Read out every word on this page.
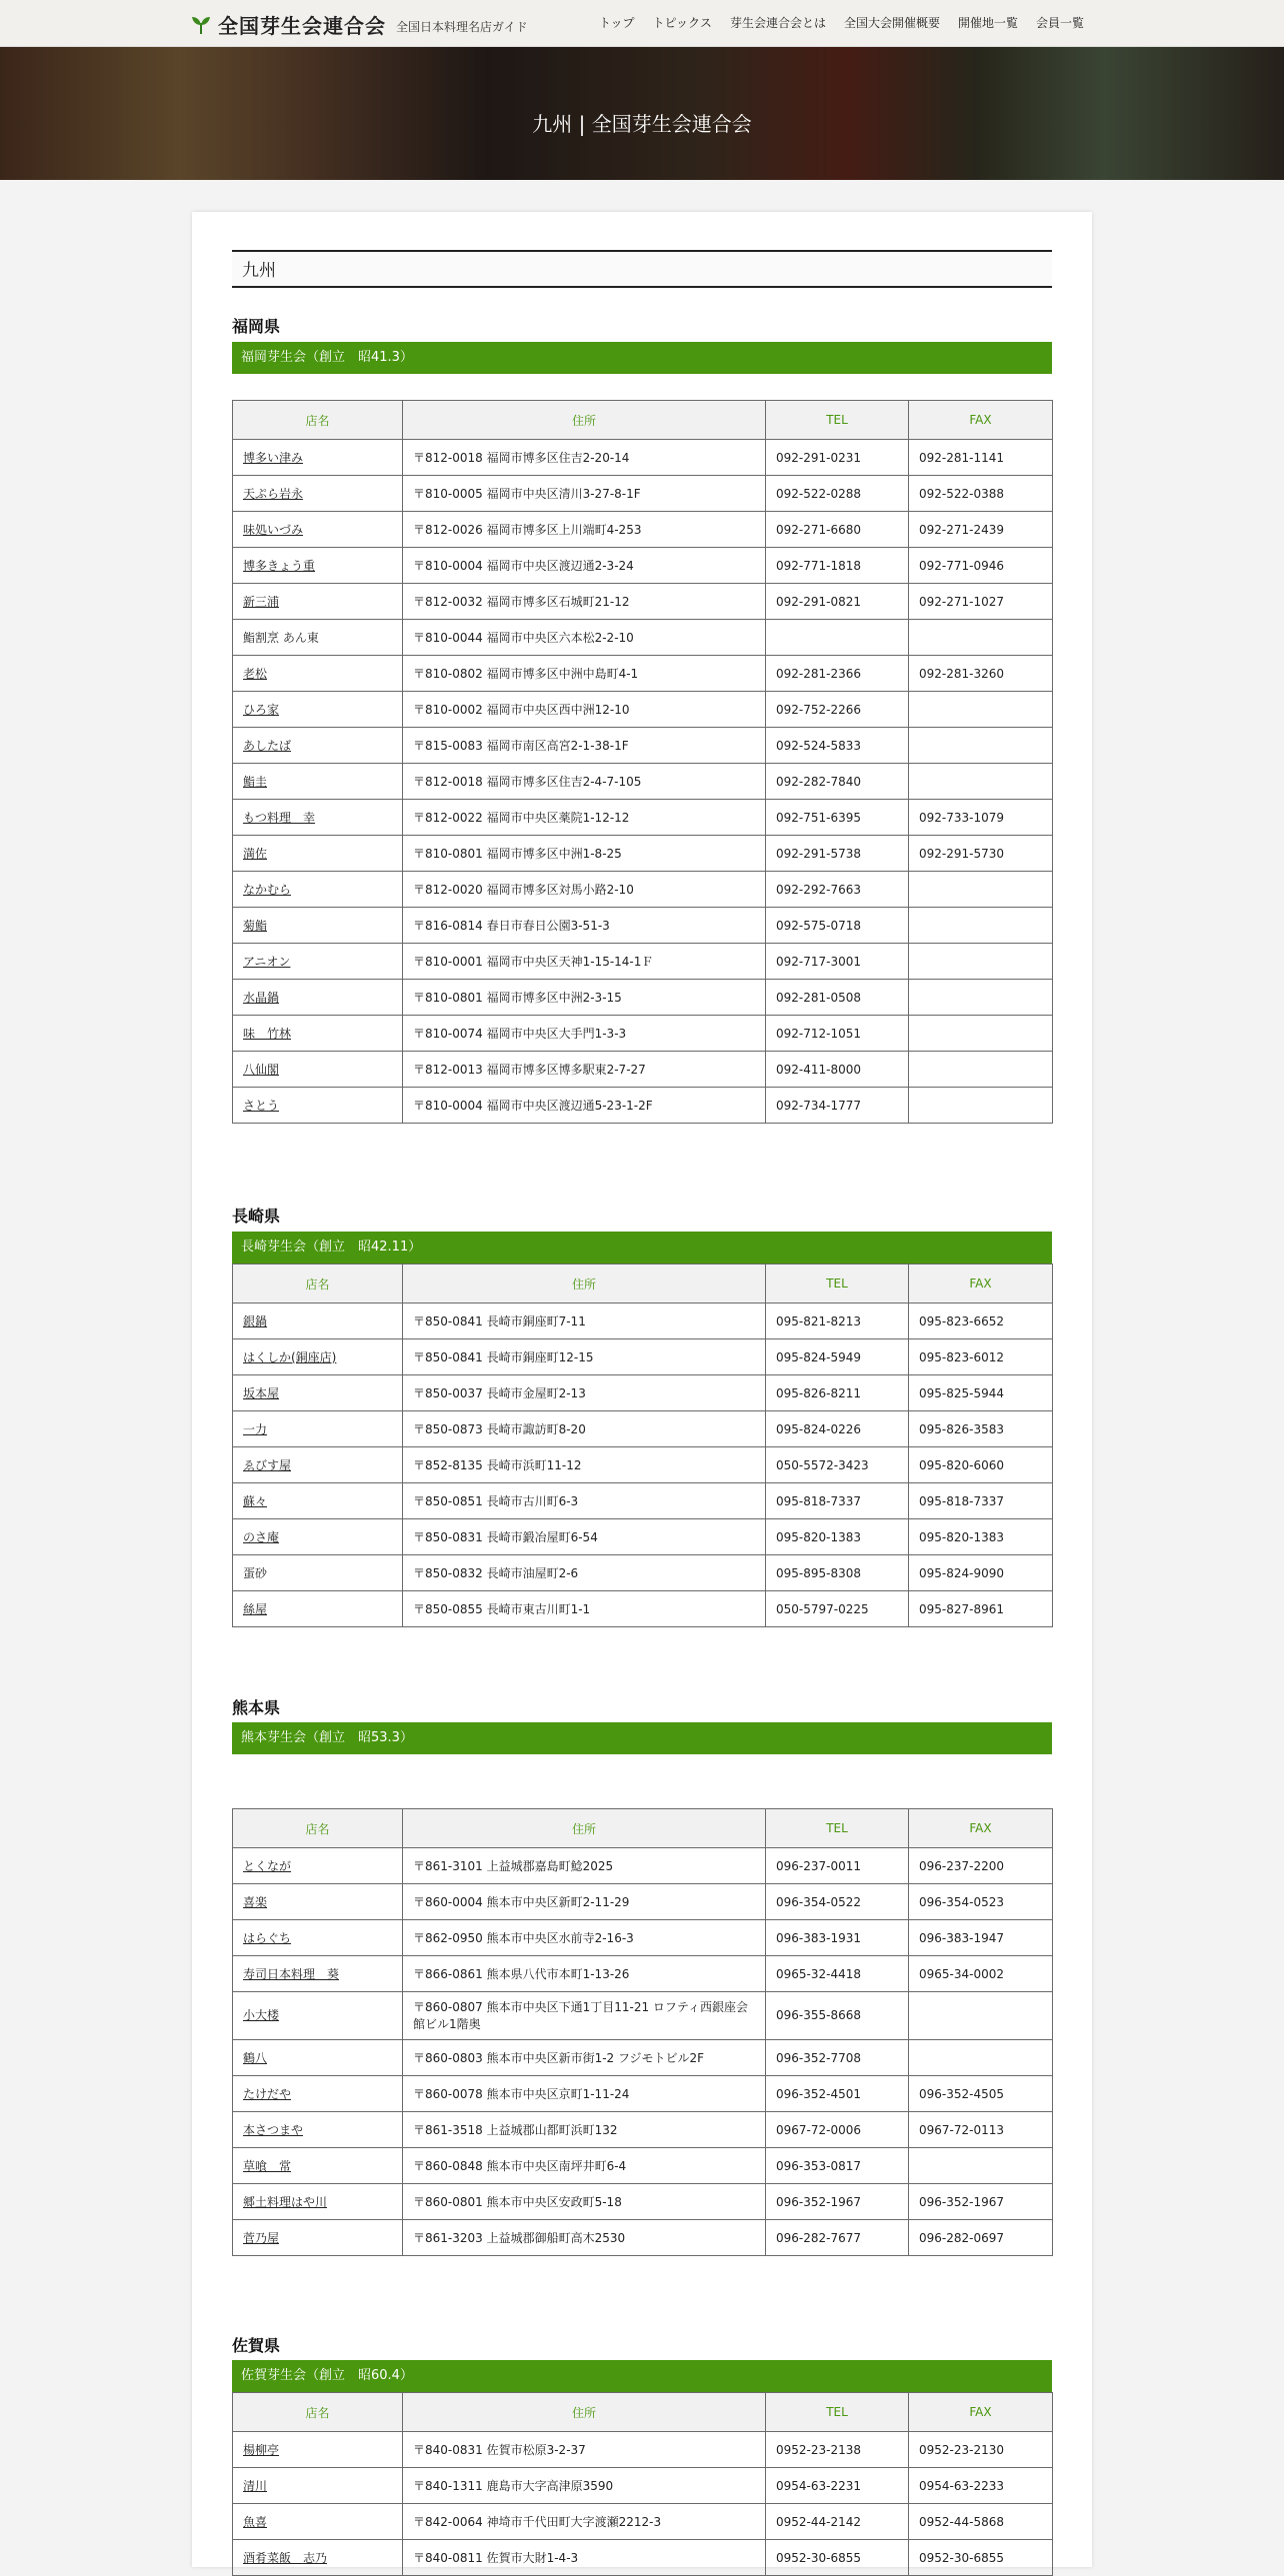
全国芽生会連合会 全国日本料理名店ガイド	トップ トピックス 芽生会連合会とは 全国大会開催概要 開催地一覧 会員一覧
九州 | 全国芽生会連合会
九州
福岡県
福岡芽生会（創立　昭41.3）
店名	住所	TEL	FAX
博多い津み	〒812-0018 福岡市博多区住吉2-20-14	092-291-0231	092-281-1141
天ぷら岩永	〒810-0005 福岡市中央区清川3-27-8-1F	092-522-0288	092-522-0388
味処いづみ	〒812-0026 福岡市博多区上川端町4-253	092-271-6680	092-271-2439
博多きょう重	〒810-0004 福岡市中央区渡辺通2-3-24	092-771-1818	092-771-0946
新三浦	〒812-0032 福岡市博多区石城町21-12	092-291-0821	092-271-1027
鮨割烹 あん東	〒810-0044 福岡市中央区六本松2-2-10		
老松	〒810-0802 福岡市博多区中洲中島町4-1	092-281-2366	092-281-3260
ひろ家	〒810-0002 福岡市中央区西中洲12-10	092-752-2266	
あしたば	〒815-0083 福岡市南区高宮2-1-38-1F	092-524-5833	
鮨圭	〒812-0018 福岡市博多区住吉2-4-7-105	092-282-7840	
もつ料理　幸	〒812-0022 福岡市中央区薬院1-12-12	092-751-6395	092-733-1079
満佐	〒810-0801 福岡市博多区中洲1-8-25	092-291-5738	092-291-5730
なかむら	〒812-0020 福岡市博多区対馬小路2-10	092-292-7663	
菊鮨	〒816-0814 春日市春日公園3-51-3	092-575-0718	
アニオン	〒810-0001 福岡市中央区天神1-15-14-1Ｆ	092-717-3001	
水晶鍋	〒810-0801 福岡市博多区中洲2-3-15	092-281-0508	
味　竹林	〒810-0074 福岡市中央区大手門1-3-3	092-712-1051	
八仙閣	〒812-0013 福岡市博多区博多駅東2-7-27	092-411-8000	
さとう	〒810-0004 福岡市中央区渡辺通5-23-1-2F	092-734-1777	
長崎県
長崎芽生会（創立　昭42.11）
店名	住所	TEL	FAX
銀鍋	〒850-0841 長崎市銅座町7-11	095-821-8213	095-823-6652
はくしか(銅座店)	〒850-0841 長崎市銅座町12-15	095-824-5949	095-823-6012
坂本屋	〒850-0037 長崎市金屋町2-13	095-826-8211	095-825-5944
一力	〒850-0873 長崎市諏訪町8-20	095-824-0226	095-826-3583
ゑびす屋	〒852-8135 長崎市浜町11-12	050-5572-3423	095-820-6060
蘇々	〒850-0851 長崎市古川町6-3	095-818-7337	095-818-7337
のさ庵	〒850-0831 長崎市鍛冶屋町6-54	095-820-1383	095-820-1383
蛋砂	〒850-0832 長崎市油屋町2-6	095-895-8308	095-824-9090
絲屋	〒850-0855 長崎市東古川町1-1	050-5797-0225	095-827-8961
熊本県
熊本芽生会（創立　昭53.3）
店名	住所	TEL	FAX
とくなが	〒861-3101 上益城郡嘉島町鯰2025	096-237-0011	096-237-2200
喜楽	〒860-0004 熊本市中央区新町2-11-29	096-354-0522	096-354-0523
はらぐち	〒862-0950 熊本市中央区水前寺2-16-3	096-383-1931	096-383-1947
寿司日本料理　葵	〒866-0861 熊本県八代市本町1-13-26	0965-32-4418	0965-34-0002
小大楼	〒860-0807 熊本市中央区下通1丁目11-21 ロフティ西銀座会館ビル1階奥	096-355-8668	
鶴八	〒860-0803 熊本市中央区新市街1-2 フジモトビル2F	096-352-7708	
たけだや	〒860-0078 熊本市中央区京町1-11-24	096-352-4501	096-352-4505
本さつまや	〒861-3518 上益城郡山都町浜町132	0967-72-0006	0967-72-0113
草喰　常	〒860-0848 熊本市中央区南坪井町6-4	096-353-0817	
郷土料理はや川	〒860-0801 熊本市中央区安政町5-18	096-352-1967	096-352-1967
菅乃屋	〒861-3203 上益城郡御船町高木2530	096-282-7677	096-282-0697
佐賀県
佐賀芽生会（創立　昭60.4）
店名	住所	TEL	FAX
楊柳亭	〒840-0831 佐賀市松原3-2-37	0952-23-2138	0952-23-2130
清川	〒840-1311 鹿島市大字高津原3590	0954-63-2231	0954-63-2233
魚喜	〒842-0064 神埼市千代田町大字渡瀬2212-3	0952-44-2142	0952-44-5868
酒肴菜飯　志乃	〒840-0811 佐賀市大財1-4-3	0952-30-6855	0952-30-6855
